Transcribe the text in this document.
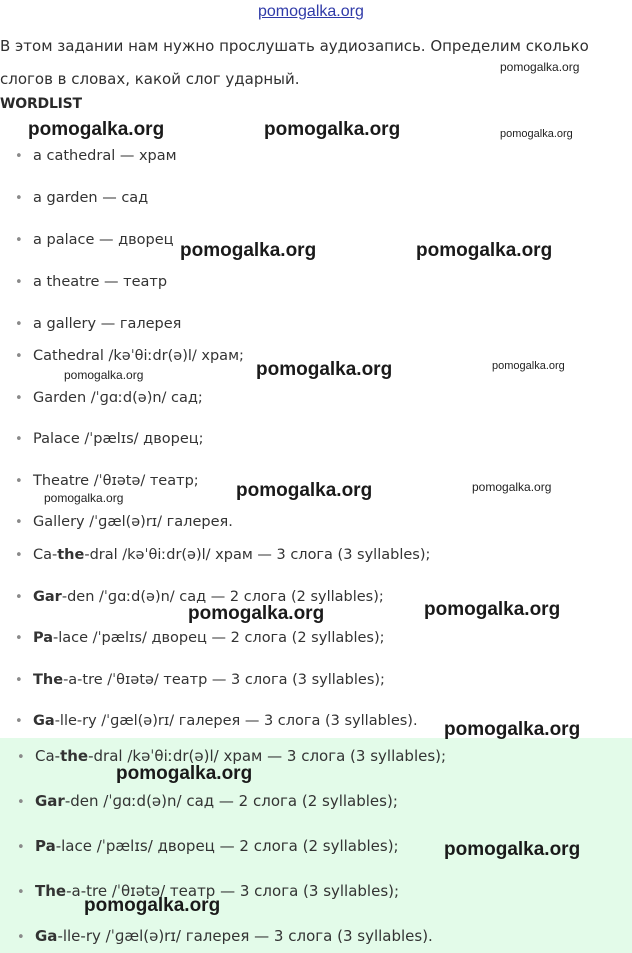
pomogalka.org
В этом задании нам нужно прослушать аудиозапись. Определим сколько слогов в словах, какой слог ударный.
WORDLIST
• a cathedral — храм
• a garden — сад
• a palace — дворец
• a theatre — театр
• a gallery — галерея
• Cathedral /kəˈθiːdr(ə)l/ храм;
• Garden /ˈɡɑːd(ə)n/ сад;
• Palace /ˈpælɪs/ дворец;
• Theatre /ˈθɪətə/ театр;
• Gallery /ˈɡæl(ə)rɪ/ галерея.
• Ca-the-dral /kəˈθiːdr(ə)l/ храм — 3 слога (3 syllables);
• Gar-den /ˈɡɑːd(ə)n/ сад — 2 слога (2 syllables);
• Pa-lace /ˈpælɪs/ дворец — 2 слога (2 syllables);
• The-a-tre /ˈθɪətə/ театр — 3 слога (3 syllables);
• Ga-lle-ry /ˈɡæl(ə)rɪ/ галерея — 3 слога (3 syllables).
• Ca-the-dral /kəˈθiːdr(ə)l/ храм — 3 слога (3 syllables);
• Gar-den /ˈɡɑːd(ə)n/ сад — 2 слога (2 syllables);
• Pa-lace /ˈpælɪs/ дворец — 2 слога (2 syllables);
• The-a-tre /ˈθɪətə/ театр — 3 слога (3 syllables);
• Ga-lle-ry /ˈɡæl(ə)rɪ/ галерея — 3 слога (3 syllables).
pomogalka.org
pomogalka.org	pomogalka.org	pomogalka.org
pomogalka.org	pomogalka.org
pomogalka.org	pomogalka.org	pomogalka.org
pomogalka.org	pomogalka.org	pomogalka.org
pomogalka.org	pomogalka.org
pomogalka.org
pomogalka.org
pomogalka.org
pomogalka.org
